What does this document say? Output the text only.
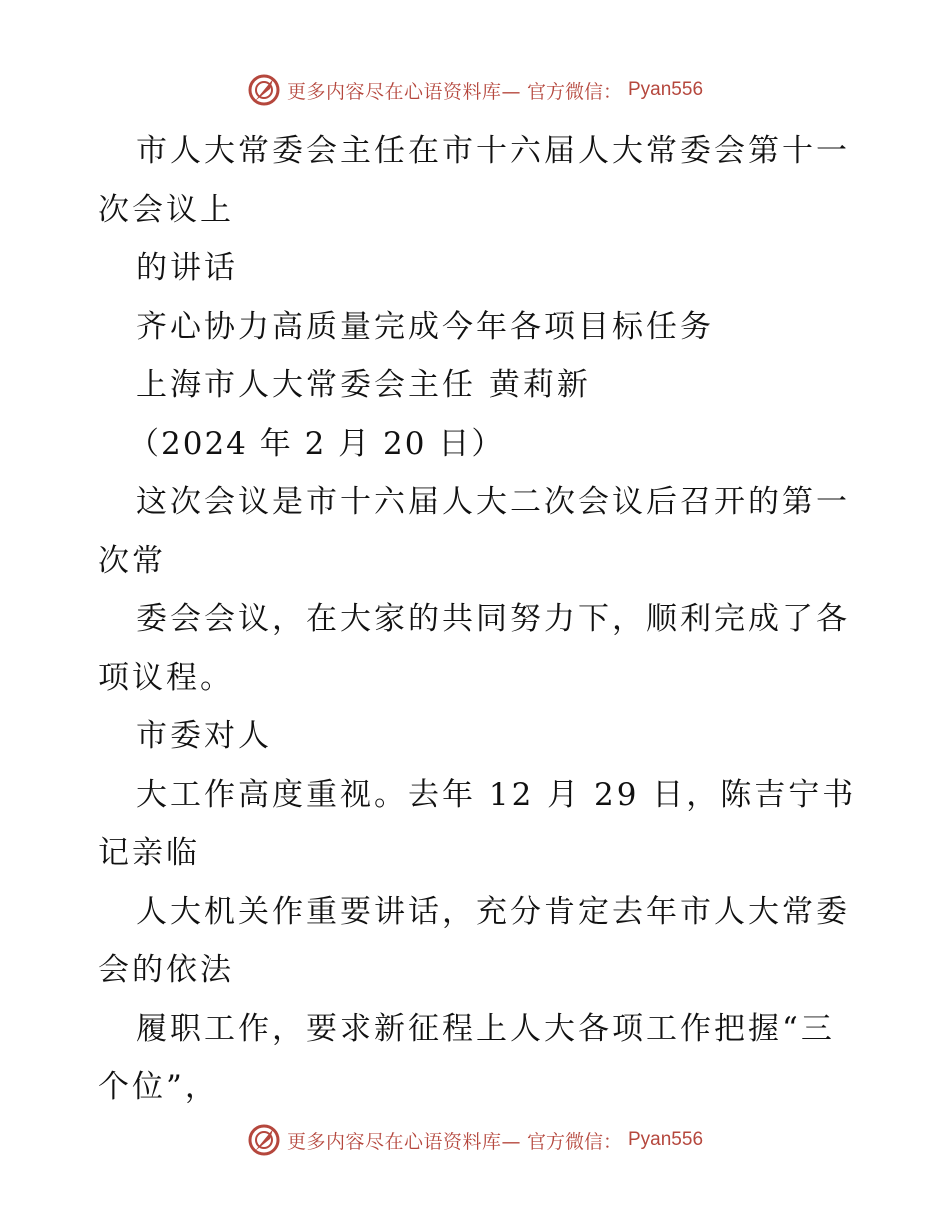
更多内容尽在心语资料库— 官方微信： Pyan556
市人大常委会主任在市十六届人大常委会第十一
次会议上
的讲话
齐心协力高质量完成今年各项目标任务
上海市人大常委会主任 黄莉新
（2024 年 2 月 20 日）
这次会议是市十六届人大二次会议后召开的第一
次常
委会会议，在大家的共同努力下，顺利完成了各
项议程。
市委对人
大工作高度重视。去年 12 月 29 日，陈吉宁书
记亲临
人大机关作重要讲话，充分肯定去年市人大常委
会的依法
履职工作，要求新征程上人大各项工作把握“三
个位”，
更多内容尽在心语资料库— 官方微信： Pyan556
